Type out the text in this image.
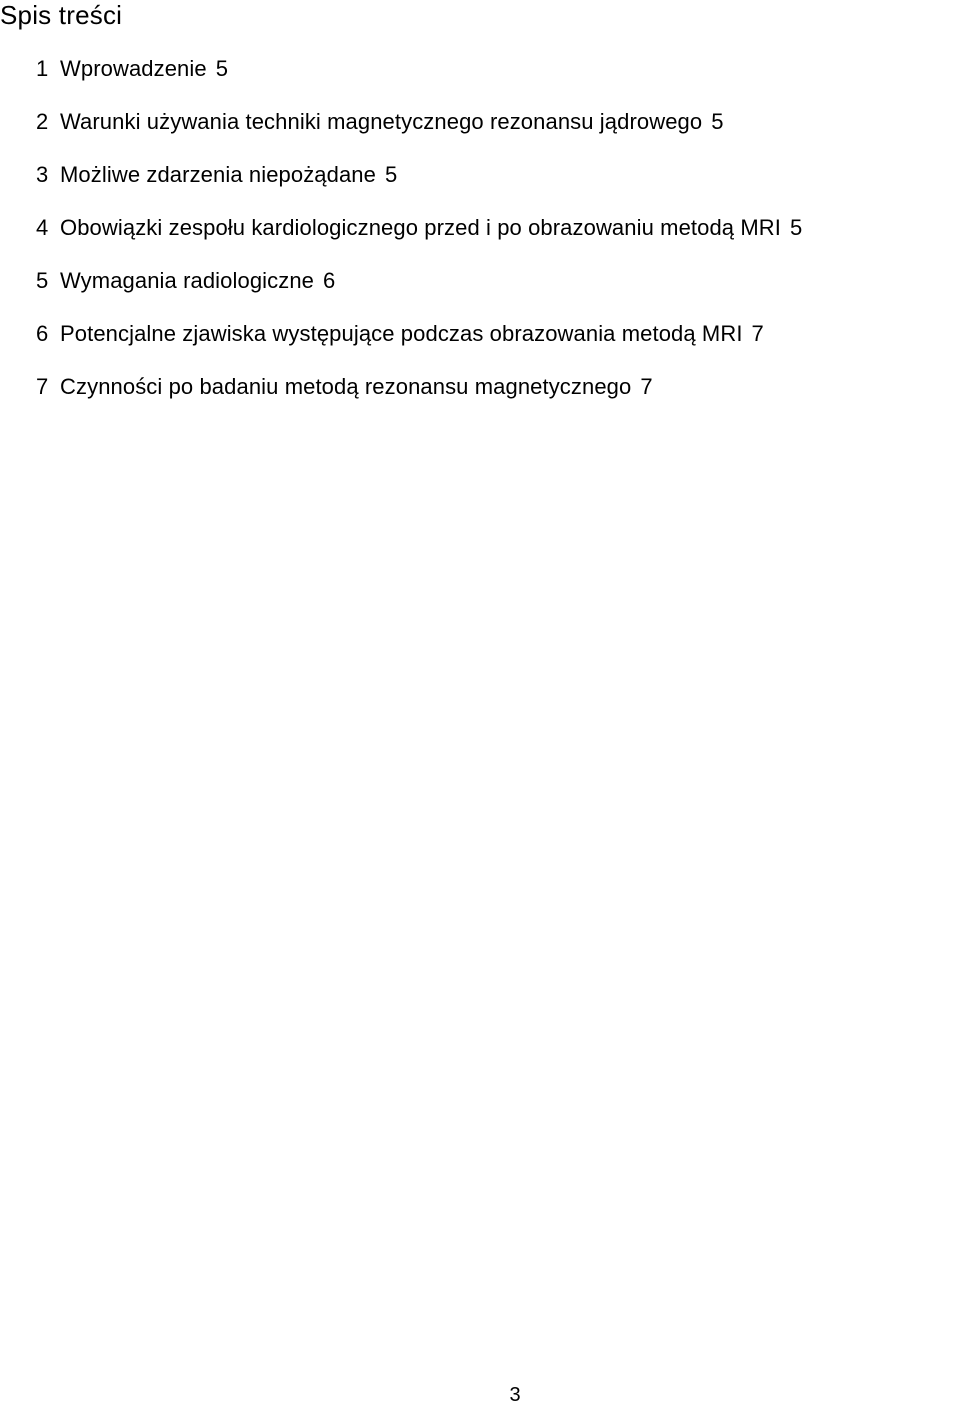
Spis treści
1 Wprowadzenie 5
2 Warunki używania techniki magnetycznego rezonansu jądrowego 5
3 Możliwe zdarzenia niepożądane 5
4 Obowiązki zespołu kardiologicznego przed i po obrazowaniu metodą MRI 5
5 Wymagania radiologiczne 6
6 Potencjalne zjawiska występujące podczas obrazowania metodą MRI 7
7 Czynności po badaniu metodą rezonansu magnetycznego 7
3
